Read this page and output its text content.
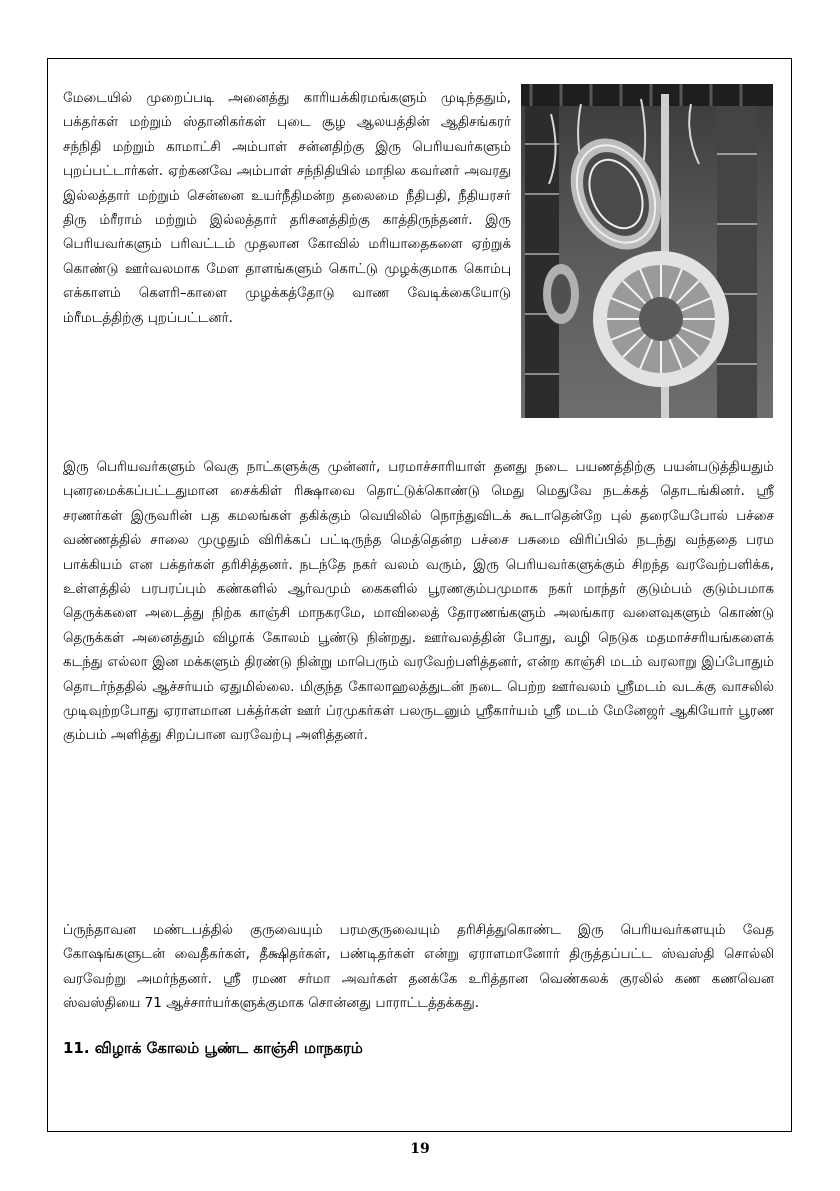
மேடையில் முறைப்படி அனைத்து காரியக்கிரமங்களும் முடிந்ததும், பக்தர்கள் மற்றும் ஸ்தானிகர்கள் புடை சூழ ஆலயத்தின் ஆதிசங்கரர் சந்நிதி மற்றும் காமாட்சி அம்பாள் சன்னதிற்கு இரு பெரியவர்களும் புறப்பட்டார்கள். ஏற்கனவே அம்பாள் சந்நிதியில் மாநில கவர்னர் அவரது இல்லத்தார் மற்றும் சென்னை உயர்நீதிமன்ற தலைமை நீதிபதி, நீதியரசர் திரு ம்ரீராம் மற்றும் இல்லத்தார் தரிசனத்திற்கு காத்திருந்தனர். இரு பெரியவர்களும் பரிவட்டம் முதலான கோவில் மரியாதைகளை ஏற்றுக் கொண்டு ஊர்வலமாக மேள தாளங்களும் கொட்டு முழக்குமாக கொம்பு எக்காளம் கௌரி–காளை முழக்கத்தோடு வாண வேடிக்கையோடு ம்ரீமடத்திற்கு புறப்பட்டனர்.

இரு பெரியவர்களும் வெகு நாட்களுக்கு முன்னர், பரமாச்சாரியாள் தனது நடை பயணத்திற்கு பயன்படுத்தியதும் புனரமைக்கப்பட்டதுமான சைக்கிள் ரிக்ஷாவை தொட்டுக்கொண்டு மெது மெதுவே நடக்கத் தொடங்கினர். ஸ்ரீ சரணர்கள் இருவரின் பத கமலங்கள் தகிக்கும் வெயிலில் நொந்துவிடக் கூடாதென்றே புல் தரையேபோல் பச்சை வண்ணத்தில் சாலை முழுதும் விரிக்கப் பட்டிருந்த மெத்தென்ற பச்சை பசுமை விரிப்பில் நடந்து வந்ததை பரம பாக்கியம் என பக்தர்கள் தரிசித்தனர். நடந்தே நகர் வலம் வரும், இரு பெரியவர்களுக்கும் சிறந்த வரவேற்பளிக்க, உள்ளத்தில் பரபரப்பும் கண்களில் ஆர்வமும் கைகளில் பூரணகும்பமுமாக நகர் மாந்தர் குடும்பம் குடும்பமாக தெருக்களை அடைத்து நிற்க காஞ்சி மாநகரமே, மாவிலைத் தோரணங்களும் அலங்கார வளைவுகளும் கொண்டு தெருக்கள் அனைத்தும் விழாக் கோலம் பூண்டு நின்றது. ஊர்வலத்தின் போது, வழி நெடுக மதமாச்சரியங்களைக் கடந்து எல்லா இன மக்களும் திரண்டு நின்று மாபெரும் வரவேற்பளித்தனர், என்ற காஞ்சி மடம் வரலாறு இப்போதும் தொடர்ந்ததில் ஆச்சர்யம் ஏதுமில்லை. மிகுந்த கோலாஹலத்துடன் நடை பெற்ற ஊர்வலம் ஸ்ரீமடம் வடக்கு வாசலில் முடிவுற்றபோது ஏராளமான பக்த்ர்கள் ஊர் ப்ரமுகர்கள் பலருடனும் ஸ்ரீகார்யம் ஸ்ரீ மடம் மேனேஜர் ஆகியோர் பூரண கும்பம் அளித்து சிறப்பான வரவேற்பு அளித்தனர்.

ப்ருந்தாவன மண்டபத்தில் குருவையும் பரமகுருவையும் தரிசித்துகொண்ட இரு பெரியவர்களயும் வேத கோஷங்களுடன் வைதீகர்கள், தீக்ஷிதர்கள், பண்டிதர்கள் என்று ஏராளமானோர் திருத்தப்பட்ட ஸ்வஸ்தி சொல்லி வரவேற்று அமர்ந்தனர். ஸ்ரீ ரமண சர்மா அவர்கள் தனக்கே உரித்தான வெண்கலக் குரலில் கண கணவென ஸ்வஸ்தியை 71 ஆச்சார்யர்களுக்குமாக சொன்னது பாராட்டத்தக்கது.

11. விழாக் கோலம் பூண்ட காஞ்சி மாநகரம்
19
